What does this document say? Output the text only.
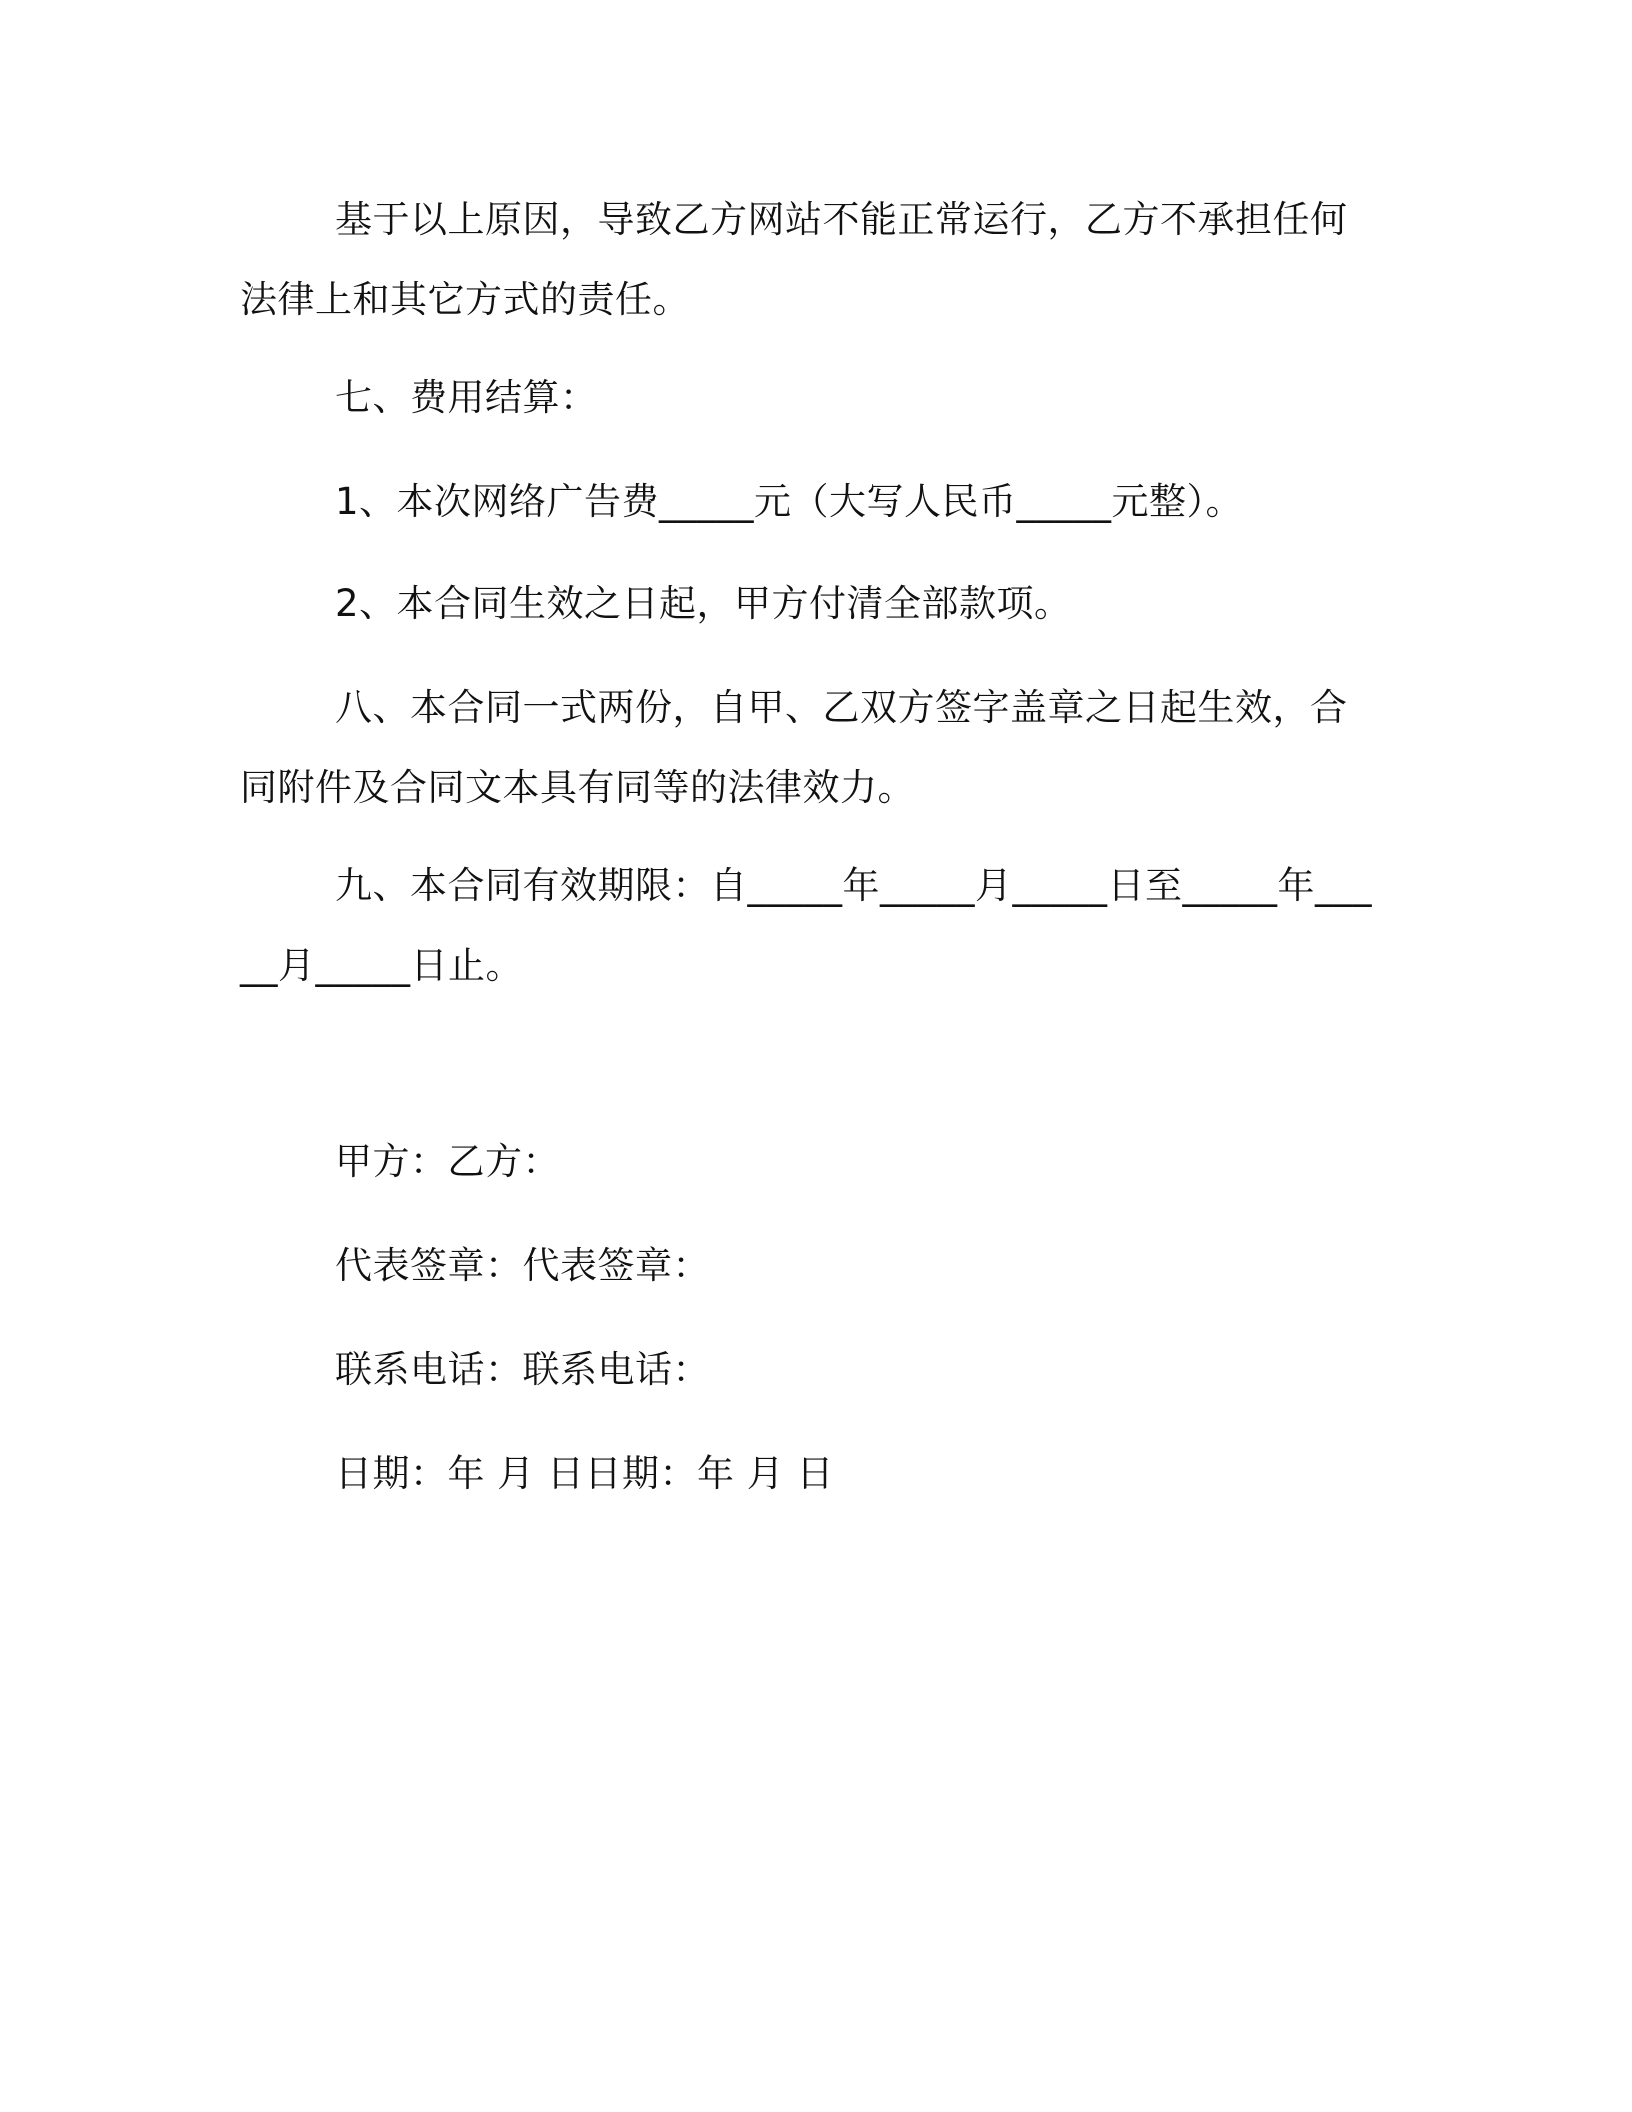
基于以上原因，导致乙方网站不能正常运行，乙方不承担任何法律上和其它方式的责任。

七、费用结算：

1、本次网络广告费_____元（大写人民币_____元整）。

2、本合同生效之日起，甲方付清全部款项。

八、本合同一式两份，自甲、乙双方签字盖章之日起生效，合同附件及合同文本具有同等的法律效力。

九、本合同有效期限：自_____年_____月_____日至_____年_____月_____日止。

甲方：乙方：

代表签章：代表签章：

联系电话：联系电话：

日期：年 月 日日期：年 月 日
